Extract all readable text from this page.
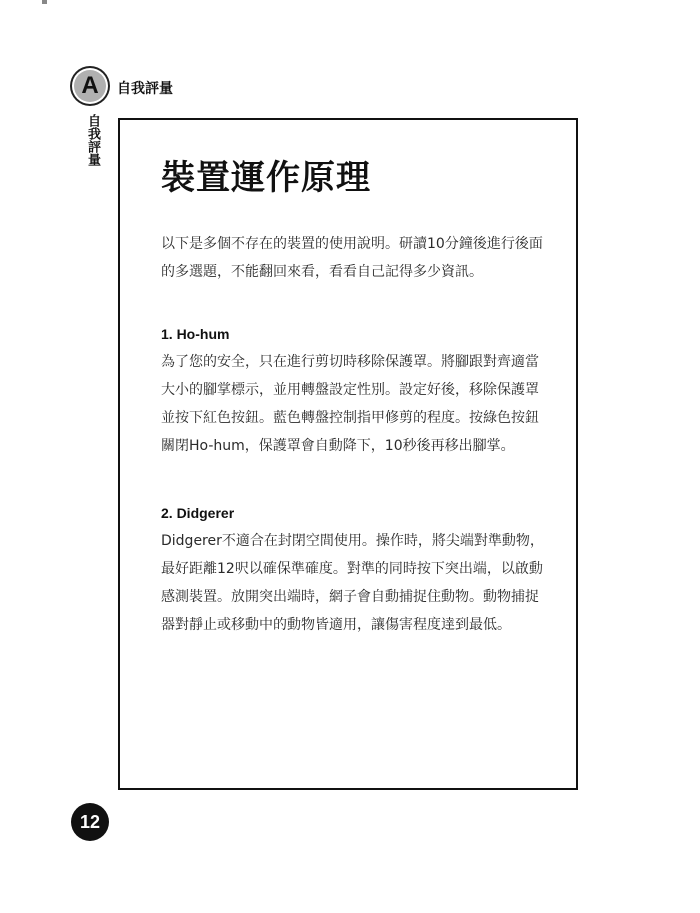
A 自我評量
自我評量
裝置運作原理
以下是多個不存在的裝置的使用說明。研讀10分鐘後進行後面的多選題，不能翻回來看，看看自己記得多少資訊。
1. Ho-hum
為了您的安全，只在進行剪切時移除保護罩。將腳跟對齊適當大小的腳掌標示，並用轉盤設定性別。設定好後，移除保護罩並按下紅色按鈕。藍色轉盤控制指甲修剪的程度。按綠色按鈕關閉Ho-hum，保護罩會自動降下，10秒後再移出腳掌。
2. Didgerer
Didgerer不適合在封閉空間使用。操作時，將尖端對準動物，最好距離12呎以確保準確度。對準的同時按下突出端，以啟動感測裝置。放開突出端時，網子會自動捕捉住動物。動物捕捉器對靜止或移動中的動物皆適用，讓傷害程度達到最低。
12
